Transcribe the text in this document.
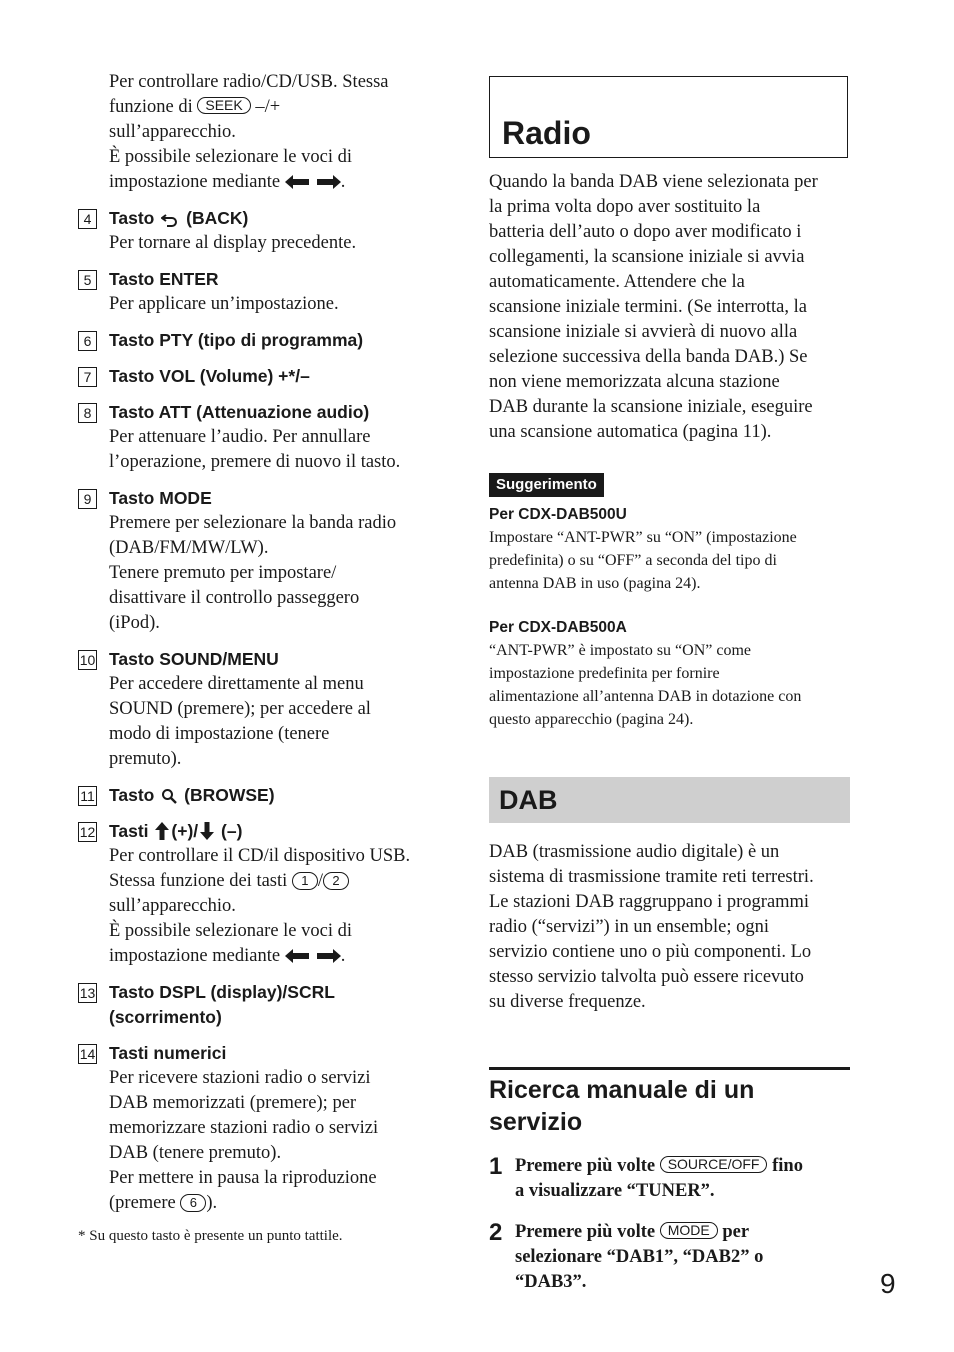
Per controllare radio/CD/USB. Stessa
funzione di SEEK –/+
sull’apparecchio.
È possibile selezionare le voci di
impostazione mediante	.
4	Tasto (BACK)
Per tornare al display precedente.
5	Tasto ENTER
Per applicare un’impostazione.
6	Tasto PTY (tipo di programma)
7	Tasto VOL (Volume) +*/–
8	Tasto ATT (Attenuazione audio)
Per attenuare l’audio. Per annullare
l’operazione, premere di nuovo il tasto.
9	Tasto MODE
Premere per selezionare la banda radio
(DAB/FM/MW/LW).
Tenere premuto per impostare/
disattivare il controllo passeggero
(iPod).
10 Tasto SOUND/MENU
Per accedere direttamente al menu
SOUND (premere); per accedere al
modo di impostazione (tenere
premuto).
11 Tasto (BROWSE)
12 Tasti (+)/ (–)
Per controllare il CD/il dispositivo USB.
Stessa funzione dei tasti 1 / 2
sull’apparecchio.
È possibile selezionare le voci di
impostazione mediante	.
13 Tasto DSPL (display)/SCRL
(scorrimento)
14 Tasti numerici
Per ricevere stazioni radio o servizi
DAB memorizzati (premere); per
memorizzare stazioni radio o servizi
DAB (tenere premuto).
Per mettere in pausa la riproduzione
(premere 6 ).
* Su questo tasto è presente un punto tattile.
Radio
Quando la banda DAB viene selezionata per
la prima volta dopo aver sostituito la
batteria dell’auto o dopo aver modificato i
collegamenti, la scansione iniziale si avvia
automaticamente. Attendere che la
scansione iniziale termini. (Se interrotta, la
scansione iniziale si avvierà di nuovo alla
selezione successiva della banda DAB.) Se
non viene memorizzata alcuna stazione
DAB durante la scansione iniziale, eseguire
una scansione automatica (pagina 11).
Suggerimento
Per CDX-DAB500U
Impostare “ANT-PWR” su “ON” (impostazione
predefinita) o su “OFF” a seconda del tipo di
antenna DAB in uso (pagina 24).
Per CDX-DAB500A
“ANT-PWR” è impostato su “ON” come
impostazione predefinita per fornire
alimentazione all’antenna DAB in dotazione con
questo apparecchio (pagina 24).
DAB
DAB (trasmissione audio digitale) è un
sistema di trasmissione tramite reti terrestri.
Le stazioni DAB raggruppano i programmi
radio (“servizi”) in un ensemble; ogni
servizio contiene uno o più componenti. Lo
stesso servizio talvolta può essere ricevuto
su diverse frequenze.
Ricerca manuale di un
servizio
1 Premere più volte SOURCE/OFF fino
a visualizzare “TUNER”.
2 Premere più volte MODE per
selezionare “DAB1”, “DAB2” o
“DAB3”.	9
